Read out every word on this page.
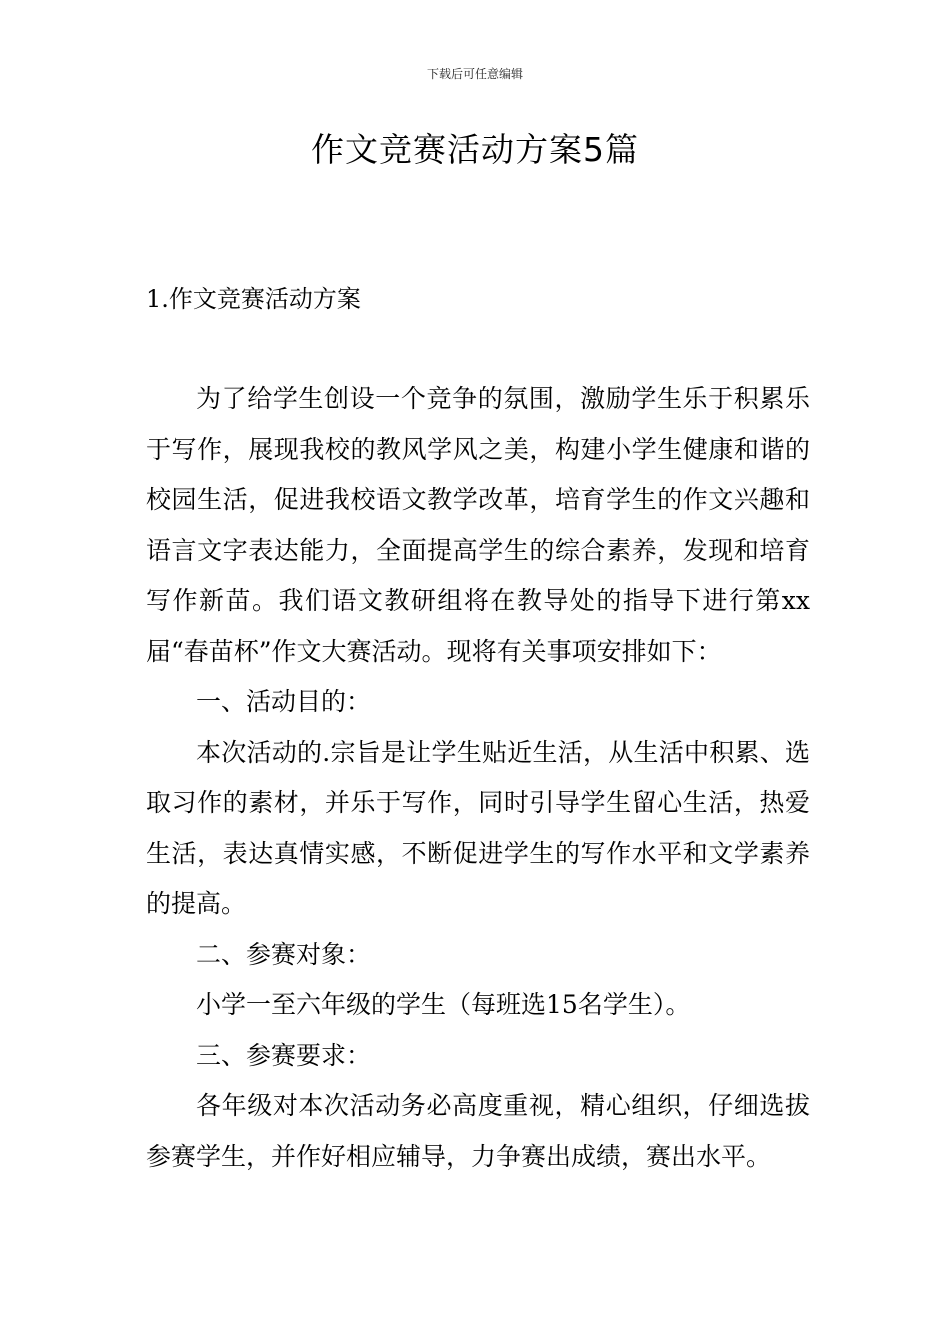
下载后可任意编辑
作文竞赛活动方案5篇
1.作文竞赛活动方案

为了给学生创设一个竞争的氛围，激励学生乐于积累乐于写作，展现我校的教风学风之美，构建小学生健康和谐的校园生活，促进我校语文教学改革，培育学生的作文兴趣和语言文字表达能力，全面提高学生的综合素养，发现和培育写作新苗。我们语文教研组将在教导处的指导下进行第xx届“春苗杯”作文大赛活动。现将有关事项安排如下：

一、活动目的：

本次活动的.宗旨是让学生贴近生活，从生活中积累、选取习作的素材，并乐于写作，同时引导学生留心生活，热爱生活，表达真情实感，不断促进学生的写作水平和文学素养的提高。

二、参赛对象：

小学一至六年级的学生（每班选15名学生）。

三、参赛要求：

各年级对本次活动务必高度重视，精心组织，仔细选拔参赛学生，并作好相应辅导，力争赛出成绩，赛出水平。
